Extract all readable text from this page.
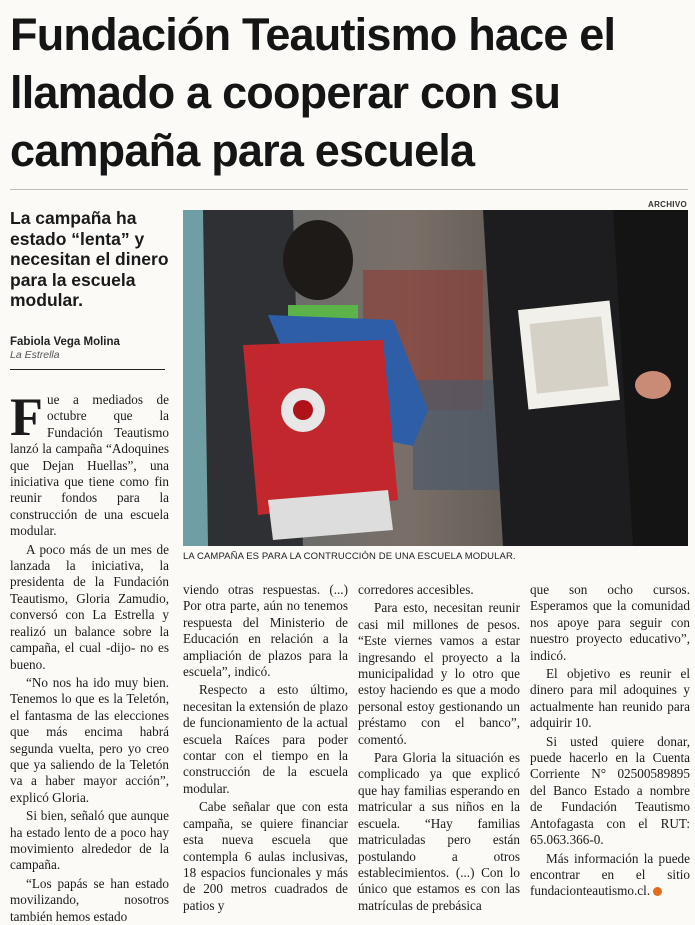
Fundación Teautismo hace el llamado a cooperar con su campaña para escuela

La campaña ha estado “lenta” y necesitan el dinero para la escuela modular.

Fabiola Vega Molina
La Estrella
ARCHIVO
LA CAMPAÑA ES PARA LA CONTRUCCIÓN DE UNA ESCUELA MODULAR.

Fue a mediados de octubre que la Fundación Teautismo lanzó la campaña “Adoquines que Dejan Huellas”, una iniciativa que tiene como fin reunir fondos para la construcción de una escuela modular.

A poco más de un mes de lanzada la iniciativa, la presidenta de la Fundación Teautismo, Gloria Zamudio, conversó con La Estrella y realizó un balance sobre la campaña, el cual -dijo- no es bueno.

“No nos ha ido muy bien. Tenemos lo que es la Teletón, el fantasma de las elecciones que más encima habrá segunda vuelta, pero yo creo que ya saliendo de la Teletón va a haber mayor acción”, explicó Gloria.

Si bien, señaló que aunque ha estado lento de a poco hay movimiento alrededor de la campaña.

“Los papás se han estado movilizando, nosotros también hemos estado

viendo otras respuestas. (...) Por otra parte, aún no tenemos respuesta del Ministerio de Educación en relación a la ampliación de plazos para la escuela”, indicó.

Respecto a esto último, necesitan la extensión de plazo de funcionamiento de la actual escuela Raíces para poder contar con el tiempo en la construcción de la escuela modular.

Cabe señalar que con esta campaña, se quiere financiar esta nueva escuela que contempla 6 aulas inclusivas, 18 espacios funcionales y más de 200 metros cuadrados de patios y

corredores accesibles.

Para esto, necesitan reunir casi mil millones de pesos. “Este viernes vamos a estar ingresando el proyecto a la municipalidad y lo otro que estoy haciendo es que a modo personal estoy gestionando un préstamo con el banco”, comentó.

Para Gloria la situación es complicado ya que explicó que hay familias esperando en matricular a sus niños en la escuela. “Hay familias matriculadas pero están postulando a otros establecimientos. (...) Con lo único que estamos es con las matrículas de prebásica

que son ocho cursos. Esperamos que la comunidad nos apoye para seguir con nuestro proyecto educativo”, indicó.

El objetivo es reunir el dinero para mil adoquines y actualmente han reunido para adquirir 10.

Si usted quiere donar, puede hacerlo en la Cuenta Corriente N° 02500589895 del Banco Estado a nombre de Fundación Teautismo Antofagasta con el RUT: 65.063.366-0.

Más información la puede encontrar en el sitio fundacionteautismo.cl.
